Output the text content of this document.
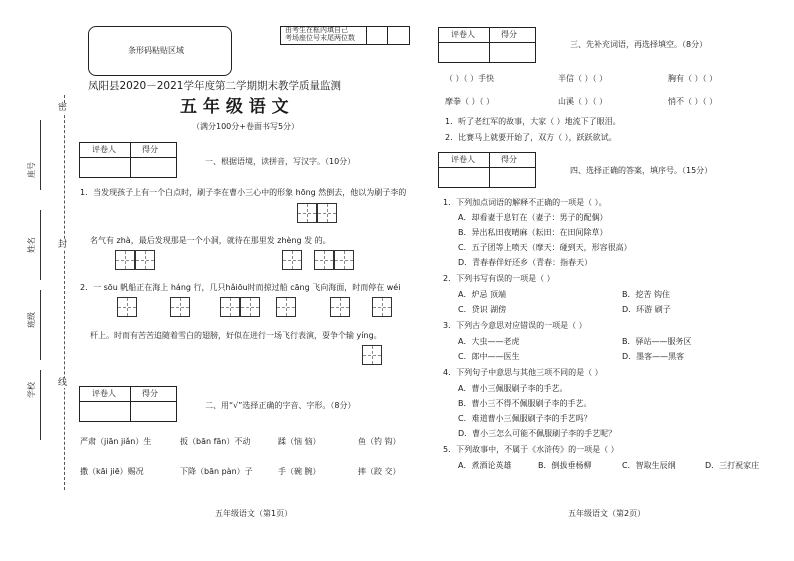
密
封
线
座号
姓名
班级
学校
条形码粘贴区域
由考生在框内填自己
考场座位号末尾两位数
凤阳县2020－2021学年度第二学期期末教学质量监测
五 年 级 语 文
（满分100分+卷面书写5分）
评卷人	得分
一、根据语境，读拼音，写汉字。（10分）
1．当发现孩子上有一个白点时，刷子李在曹小三心中的形象 hōng 然倒去，他以为刷子李的
名气有 zhà，最后发现那是一个小洞，就待在那里发 zhèng 发 的。
2．一 sōu 帆船正在海上 háng 行，几只hǎiōu时而掠过船 cāng 飞向海面，时而停在 wéi
杆上。时而有苦苦追随着雪白的翅膀，好似在进行一场飞行表演，耍争个输 yíng。
评卷人	得分
二、用“√”选择正确的字音、字形。（8分）
严肃（jiān jiǎn）生	扳（bān fān）不动	蹂（恼 恼）	鱼（钓 钩）
撒（kāi jiē）赐况	下降（bān pàn）子	手（碗 腕）	摔（跤 交）
五年级语文（第1页）
评卷人	得分
三、先补充词语，再选择填空。（8分）
（ ）（ ）手快	半信（ ）（ ）	胸有（ ）（ ）
摩拳（ ）（ ）	山溪（ ）（ ）	悄不（ ）（ ）
1．听了老红军的故事，大家（ ）地流下了眼泪。
2．比赛马上就要开始了，双方（ ），跃跃欲试。
评卷人	得分
四、选择正确的答案，填序号。（15分）
1．下列加点词语的解释不正确的一项是（ ）。
A．却看妻于息钉在（妻子：男子的配偶）
B．异出私田夜晴麻（耘田：在田间除草）
C．五子团等上喷天（摩天：碰到天，形容很高）
D．青春春伴好还乡（青春：指春天）
2．下列书写有误的一项是（ ）
A．炉忌 顶端	B．挖苦 钩住
C．贷识 湖傍	D．环游 刷子
3．下列古今意思对应错误的一项是（ ）
A．大虫——老虎	B．驿站——服务区
C．郎中——医生	D．墨客——黑客
4．下列句子中意思与其他三项不同的是（ ）
A．曹小三佩服刷子李的手艺。
B．曹小三不得不佩服刷子李的手艺。
C．难道曹小三佩服刷子李的手艺吗？
D．曹小三怎么可能不佩服刷子李的手艺呢？
5．下列故事中，不属于《水浒传》的一项是（ ）
A．煮酒论英雄	B．倒拔垂杨柳	C．智取生辰纲	D．三打祝家庄
五年级语文（第2页）
